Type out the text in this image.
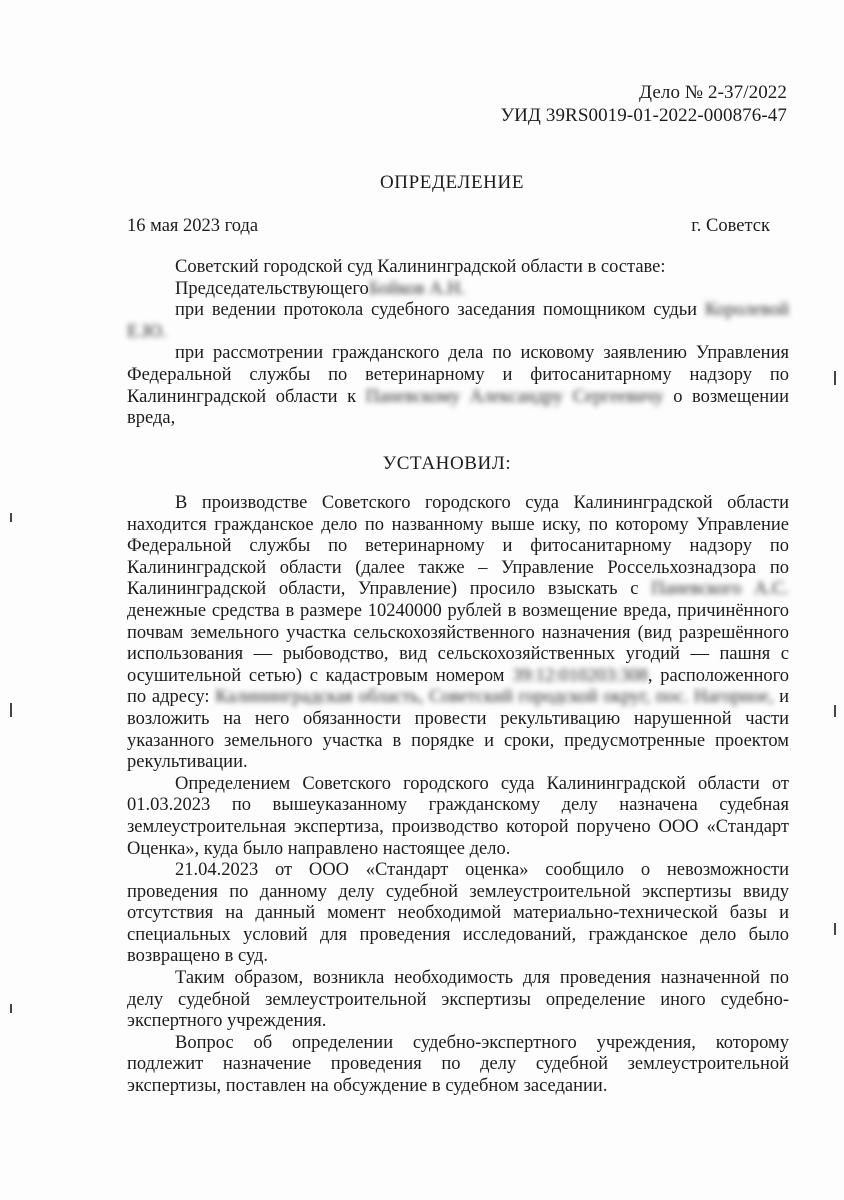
Дело № 2-37/2022
УИД 39RS0019-01-2022-000876-47
ОПРЕДЕЛЕНИЕ
16 мая 2023 года	г. Советск

Советский городской суд Калининградской области в составе:

ПредседательствующегоБойков А.Н.

при ведении протокола судебного заседания помощником судьи Королевой Е.Ю.

при рассмотрении гражданского дела по исковому заявлению Управления Федеральной службы по ветеринарному и фитосанитарному надзору по Калининградской области к Паневскому Александру Сергеевичу о возмещении вреда,

УСТАНОВИЛ:

В производстве Советского городского суда Калининградской области находится гражданское дело по названному выше иску, по которому Управление Федеральной службы по ветеринарному и фитосанитарному надзору по Калининградской области (далее также – Управление Россельхознадзора по Калининградской области, Управление) просило взыскать с Паневского А.С. денежные средства в размере 10240000 рублей в возмещение вреда, причинённого почвам земельного участка сельскохозяйственного назначения (вид разрешённого использования — рыбоводство, вид сельскохозяйственных угодий — пашня с осушительной сетью) с кадастровым номером 39:12:010203:308, расположенного по адресу: Калининградская область, Советский городской округ, пос. Нагорное, и возложить на него обязанности провести рекультивацию нарушенной части указанного земельного участка в порядке и сроки, предусмотренные проектом рекультивации.

Определением Советского городского суда Калининградской области от 01.03.2023 по вышеуказанному гражданскому делу назначена судебная землеустроительная экспертиза, производство которой поручено ООО «Стандарт Оценка», куда было направлено настоящее дело.

21.04.2023 от ООО «Стандарт оценка» сообщило о невозможности проведения по данному делу судебной землеустроительной экспертизы ввиду отсутствия на данный момент необходимой материально-технической базы и специальных условий для проведения исследований, гражданское дело было возвращено в суд.

Таким образом, возникла необходимость для проведения назначенной по делу судебной землеустроительной экспертизы определение иного судебно-экспертного учреждения.

Вопрос об определении судебно-экспертного учреждения, которому подлежит назначение проведения по делу судебной землеустроительной экспертизы, поставлен на обсуждение в судебном заседании.
